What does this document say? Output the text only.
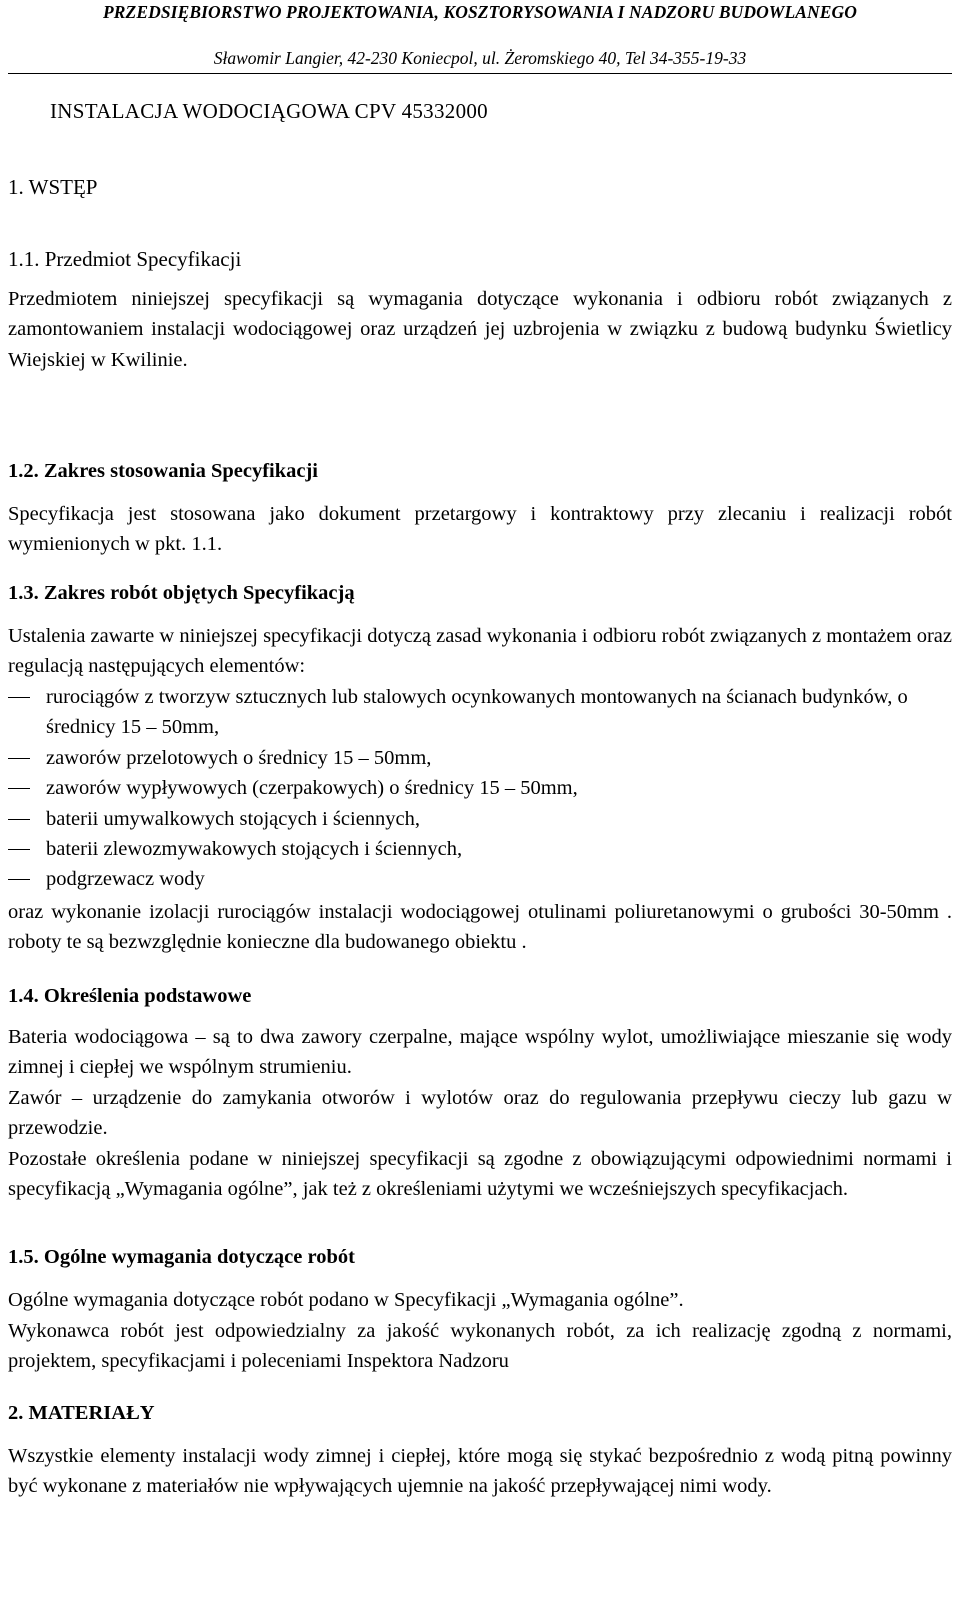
PRZEDSIĘBIORSTWO PROJEKTOWANIA, KOSZTORYSOWANIA I NADZORU BUDOWLANEGO
Sławomir Langier, 42-230 Koniecpol, ul. Żeromskiego 40, Tel 34-355-19-33
INSTALACJA WODOCIĄGOWA CPV 45332000
1. WSTĘP
1.1. Przedmiot Specyfikacji
Przedmiotem niniejszej specyfikacji są wymagania dotyczące wykonania i odbioru robót związanych z zamontowaniem instalacji wodociągowej oraz urządzeń jej uzbrojenia w związku z budową budynku Świetlicy Wiejskiej w Kwilinie.
1.2. Zakres stosowania Specyfikacji
Specyfikacja jest stosowana jako dokument przetargowy i kontraktowy przy zlecaniu i realizacji robót wymienionych w pkt. 1.1.
1.3. Zakres robót objętych Specyfikacją
Ustalenia zawarte w niniejszej specyfikacji dotyczą zasad wykonania i odbioru robót związanych z montażem oraz regulacją następujących elementów:
rurociągów z tworzyw sztucznych lub stalowych ocynkowanych montowanych na ścianach budynków, o średnicy 15 – 50mm,
zaworów przelotowych o średnicy 15 – 50mm,
zaworów wypływowych (czerpakowych) o średnicy 15 – 50mm,
baterii umywalkowych stojących i ściennych,
baterii zlewozmywakowych stojących i ściennych,
podgrzewacz wody
oraz wykonanie izolacji rurociągów instalacji wodociągowej otulinami poliuretanowymi o grubości 30-50mm . roboty te są bezwzględnie konieczne dla budowanego obiektu .
1.4. Określenia podstawowe
Bateria wodociągowa – są to dwa zawory czerpalne, mające wspólny wylot, umożliwiające mieszanie się wody zimnej i ciepłej we wspólnym strumieniu.
Zawór – urządzenie do zamykania otworów i wylotów oraz do regulowania przepływu cieczy lub gazu w przewodzie.
Pozostałe określenia podane w niniejszej specyfikacji są zgodne z obowiązującymi odpowiednimi normami i specyfikacją „Wymagania ogólne”, jak też z określeniami użytymi we wcześniejszych specyfikacjach.
1.5. Ogólne wymagania dotyczące robót
Ogólne wymagania dotyczące robót podano w Specyfikacji „Wymagania ogólne”.
Wykonawca robót jest odpowiedzialny za jakość wykonanych robót, za ich realizację zgodną z normami, projektem, specyfikacjami i poleceniami Inspektora Nadzoru
2. MATERIAŁY
Wszystkie elementy instalacji wody zimnej i ciepłej, które mogą się stykać bezpośrednio z wodą pitną powinny być wykonane z materiałów nie wpływających ujemnie na jakość przepływającej nimi wody.
